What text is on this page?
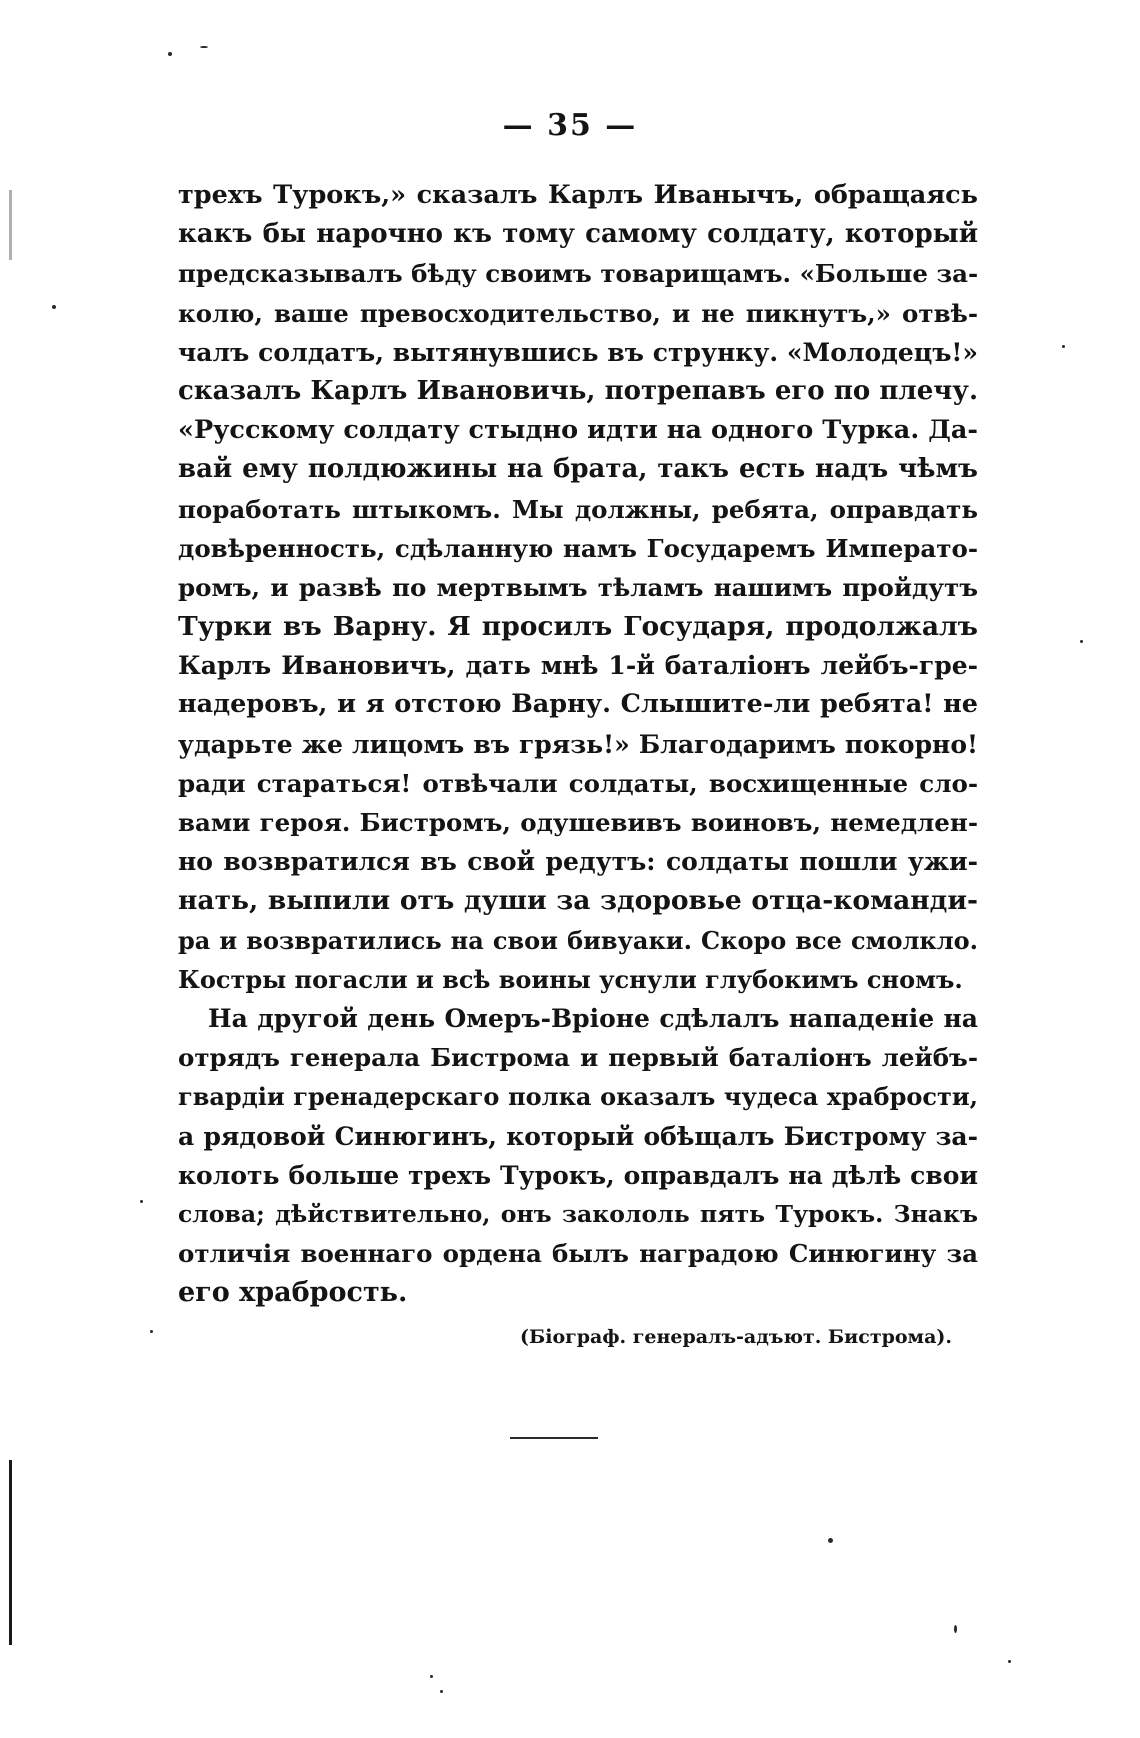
— 35 —
трехъ Турокъ,» сказалъ Карлъ Иванычъ, обращаясь
какъ бы нарочно къ тому самому солдату, который
предсказывалъ бѣду своимъ товарищамъ. «Больше за-
колю, ваше превосходительство, и не пикнутъ,» отвѣ-
чалъ солдатъ, вытянувшись въ струнку. «Молодецъ!»
сказалъ Карлъ Ивановичь, потрепавъ его по плечу.
«Русскому солдату стыдно идти на одного Турка. Да-
вай ему полдюжины на брата, такъ есть надъ чѣмъ
поработать штыкомъ. Мы должны, ребята, оправдать
довѣренность, сдѣланную намъ Государемъ Императо-
ромъ, и развѣ по мертвымъ тѣламъ нашимъ пройдутъ
Турки въ Варну. Я просилъ Государя, продолжалъ
Карлъ Ивановичъ, дать мнѣ 1-й баталіонъ лейбъ-гре-
надеровъ, и я отстою Варну. Слышите-ли ребята! не
ударьте же лицомъ въ грязь!» Благодаримъ покорно!
ради стараться! отвѣчали солдаты, восхищенные сло-
вами героя. Бистромъ, одушевивъ воиновъ, немедлен-
но возвратился въ свой редутъ: солдаты пошли ужи-
нать, выпили отъ души за здоровье отца-команди-
ра и возвратились на свои бивуаки. Скоро все смолкло.
Костры погасли и всѣ воины уснули глубокимъ сномъ.
На другой день Омеръ-Вріоне сдѣлалъ нападеніе на
отрядъ генерала Бистрома и первый баталіонъ лейбъ-
гвардіи гренадерскаго полка оказалъ чудеса храбрости,
а рядовой Синюгинъ, который обѣщалъ Бистрому за-
колоть больше трехъ Турокъ, оправдалъ на дѣлѣ свои
слова; дѣйствительно, онъ закололь пять Турокъ. Знакъ
отличія военнаго ордена былъ наградою Синюгину за
его храбрость.
(Біограф. генералъ-адъют. Бистрома).
